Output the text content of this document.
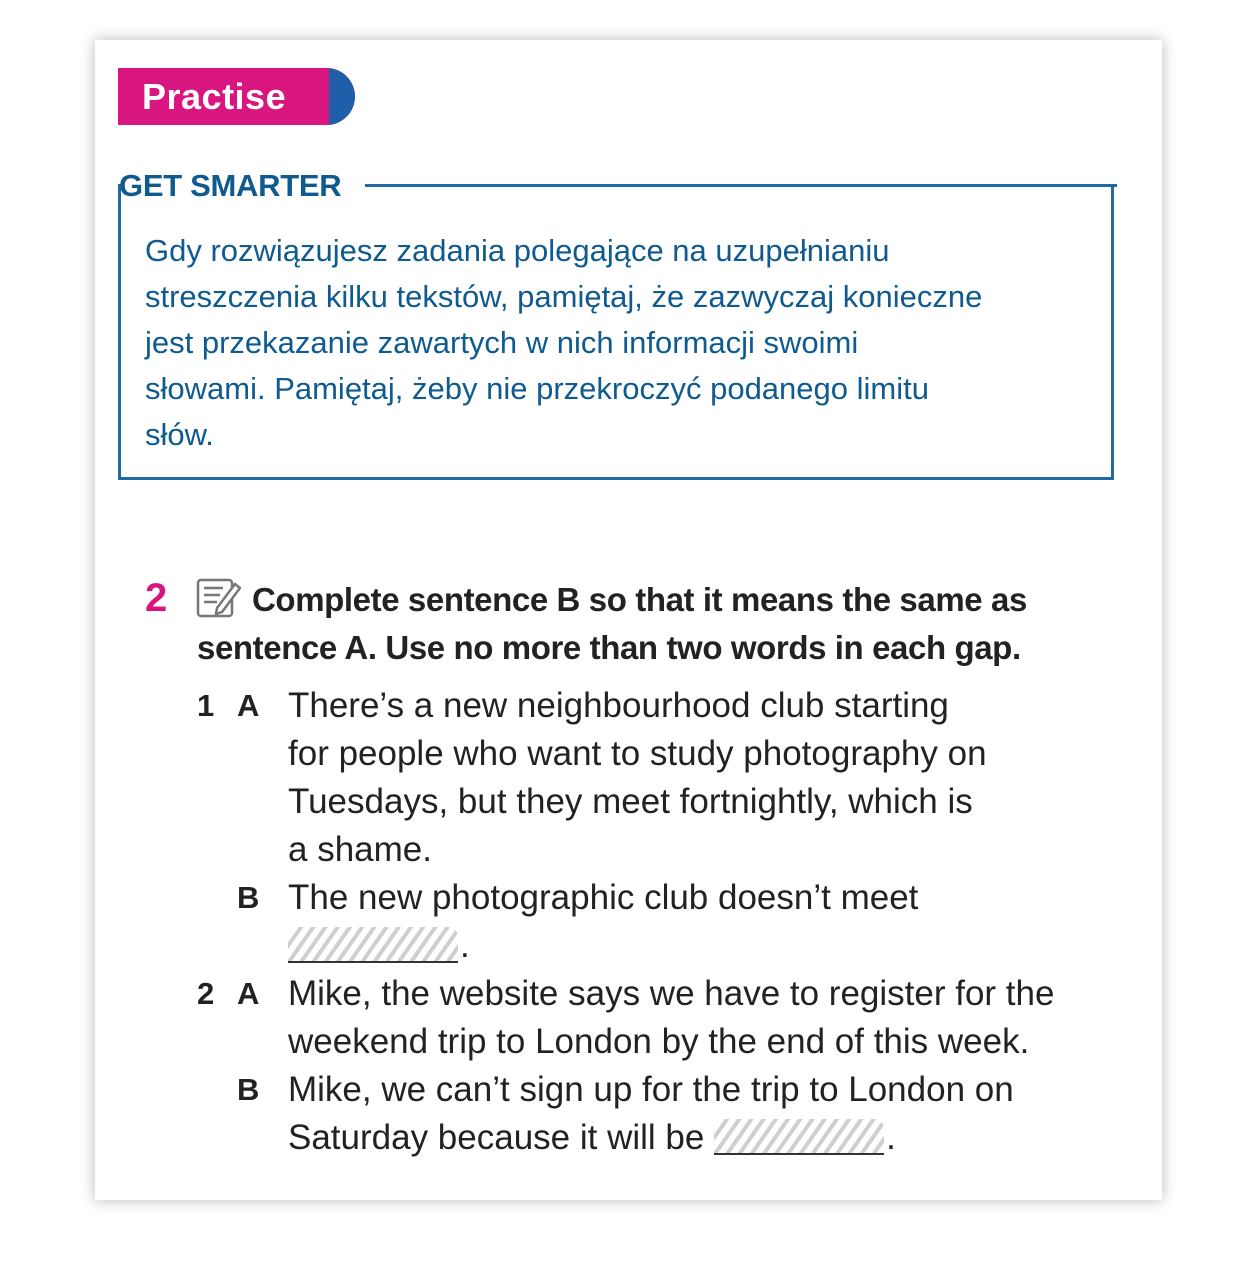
Practise
GET SMARTER
Gdy rozwiązujesz zadania polegające na uzupełnianiu
streszczenia kilku tekstów, pamiętaj, że zazwyczaj konieczne
jest przekazanie zawartych w nich informacji swoimi
słowami. Pamiętaj, żeby nie przekroczyć podanego limitu
słów.
2	Complete sentence B so that it means the same as
sentence A. Use no more than two words in each gap.
1 A There’s a new neighbourhood club starting
for people who want to study photography on
Tuesdays, but they meet fortnightly, which is
a shame.
B The new photographic club doesn’t meet
.
2 A Mike, the website says we have to register for the
weekend trip to London by the end of this week.
B Mike, we can’t sign up for the trip to London on
Saturday because it will be	.
